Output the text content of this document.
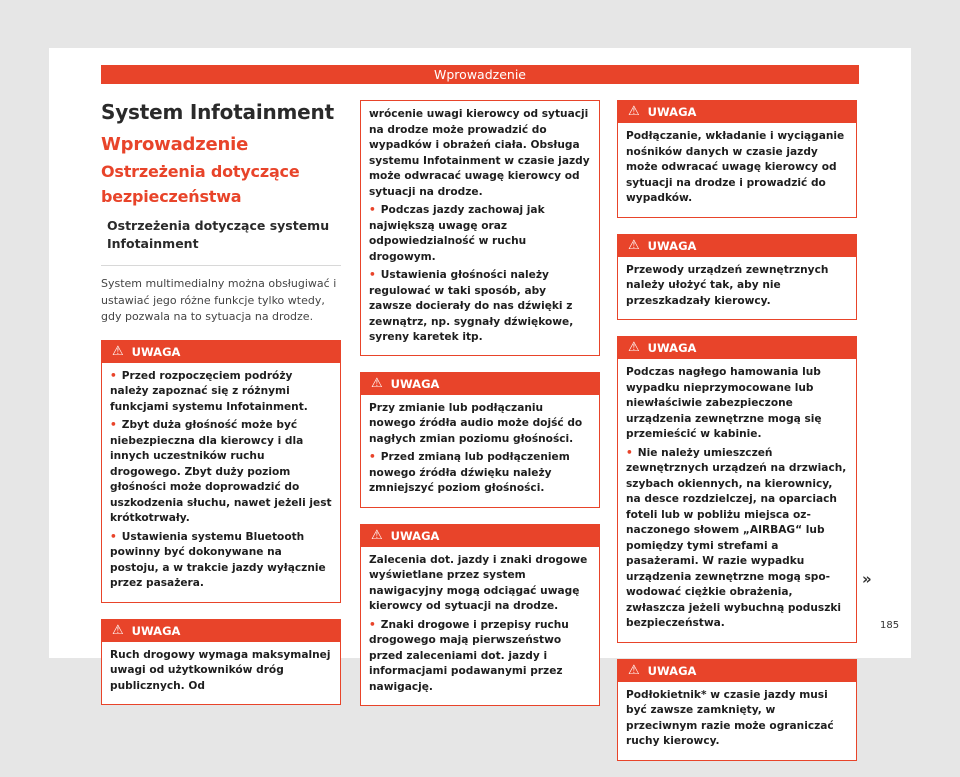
Wprowadzenie
System Infotainment
Wprowadzenie
Ostrzeżenia dotyczące bezpieczeństwa
Ostrzeżenia dotyczące systemu Infotainment

System multimedialny można obsługiwać i ustawiać jego różne funkcje tylko wtedy, gdy pozwala na to sytuacja na drodze.

⚠ UWAGA

• Przed rozpoczęciem podróży należy zapoznać się z różnymi funkcjami systemu Infotainment.

• Zbyt duża głośność może być niebezpieczna dla kierowcy i dla innych uczestników ruchu drogowego. Zbyt duży poziom głośności może doprowadzić do uszkodzenia słuchu, nawet jeżeli jest krótkotrwały.

• Ustawienia systemu Bluetooth powinny być dokonywane na postoju, a w trakcie jazdy wyłącznie przez pasażera.

⚠ UWAGA

Ruch drogowy wymaga maksymalnej uwagi od użytkowników dróg publicznych. Od

wrócenie uwagi kierowcy od sytuacji na drodze może prowadzić do wypadków i obrażeń ciała. Obsługa systemu Infotainment w czasie jazdy może odwracać uwagę kierowcy od sytuacji na drodze.

• Podczas jazdy zachowaj jak największą uwagę oraz odpowiedzialność w ruchu drogowym.

• Ustawienia głośności należy regulować w taki sposób, aby zawsze docierały do nas dźwięki z zewnątrz, np. sygnały dźwiękowe, syreny karetek itp.

⚠ UWAGA

Przy zmianie lub podłączaniu nowego źródła audio może dojść do nagłych zmian poziomu głośności.

• Przed zmianą lub podłączeniem nowego źródła dźwięku należy zmniejszyć poziom głośności.

⚠ UWAGA

Zalecenia dot. jazdy i znaki drogowe wyświetlane przez system nawigacyjny mogą odciągać uwagę kierowcy od sytuacji na drodze.

• Znaki drogowe i przepisy ruchu drogowego mają pierwszeństwo przed zaleceniami dot. jazdy i informacjami podawanymi przez nawigację.

⚠ UWAGA

Podłączanie, wkładanie i wyciąganie nośników danych w czasie jazdy może odwracać uwagę kierowcy od sytuacji na drodze i prowadzić do wypadków.

⚠ UWAGA

Przewody urządzeń zewnętrznych należy ułożyć tak, aby nie przeszkadzały kierowcy.

⚠ UWAGA

Podczas nagłego hamowania lub wypadku nieprzymocowane lub niewłaściwie zabezpieczone urządzenia zewnętrzne mogą się przemieścić w kabinie.

• Nie należy umieszczeń zewnętrznych urządzeń na drzwiach, szybach okiennych, na kierownicy, na desce rozdzielczej, na oparciach foteli lub w pobliżu miejsca oznaczonego słowem „AIRBAG“ lub pomiędzy tymi strefami a pasażerami. W razie wypadku urządzenia zewnętrzne mogą spowodować ciężkie obrażenia, zwłaszcza jeżeli wybuchną poduszki bezpieczeństwa.

⚠ UWAGA

Podłokietnik* w czasie jazdy musi być zawsze zamknięty, w przeciwnym razie może ograniczać ruchy kierowcy.

»
185
